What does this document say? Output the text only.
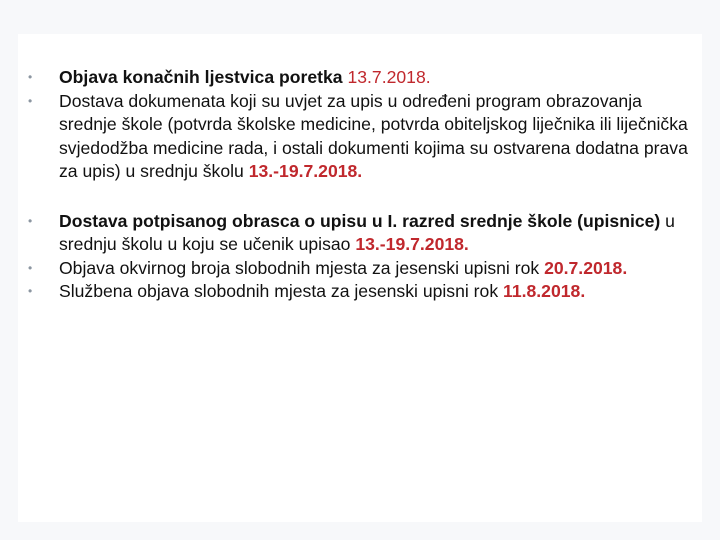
•	Objava konačnih ljestvica poretka 13.7.2018.
•	Dostava dokumenata koji su uvjet za upis u određeni program obrazovanja srednje škole (potvrda školske medicine, potvrda obiteljskog liječnika ili liječnička svjedodžba medicine rada, i ostali dokumenti kojima su ostvarena dodatna prava za upis) u srednju školu 13.-19.7.2018.
•	Dostava potpisanog obrasca o upisu u I. razred srednje škole (upisnice) u srednju školu u koju se učenik upisao 13.-19.7.2018.
•	Objava okvirnog broja slobodnih mjesta za jesenski upisni rok 20.7.2018.
•	Službena objava slobodnih mjesta za jesenski upisni rok 11.8.2018.
